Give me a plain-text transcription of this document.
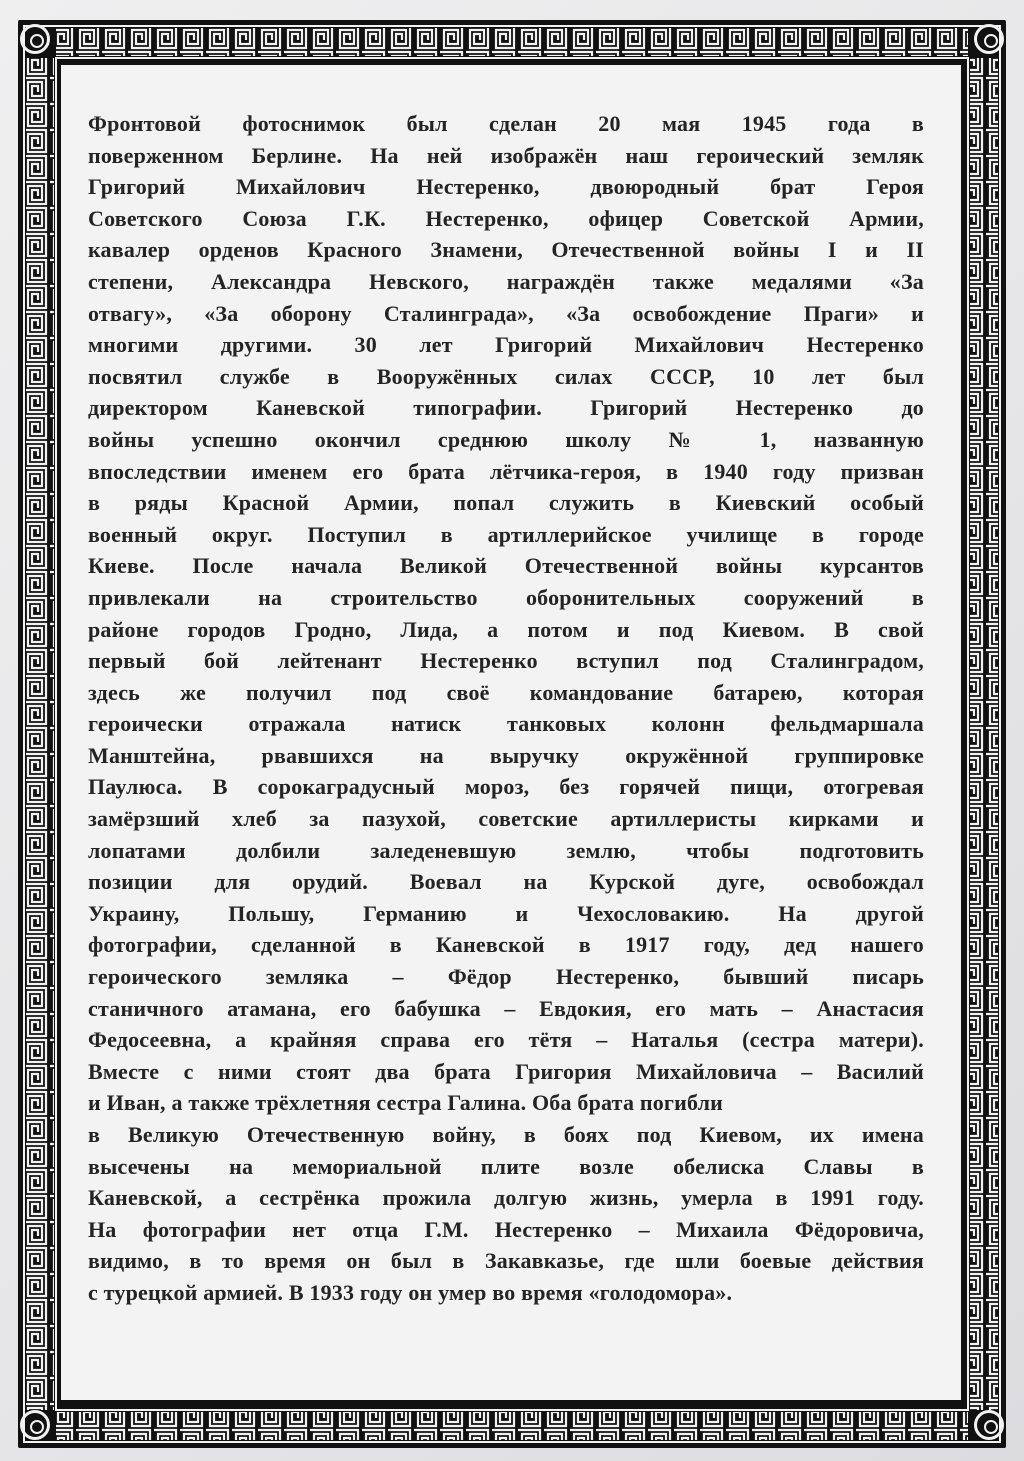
Фронтовой фотоснимок был сделан 20 мая 1945 года в
поверженном Берлине. На ней изображён наш героический земляк
Григорий Михайлович Нестеренко, двоюродный брат Героя
Советского Союза Г.К. Нестеренко, офицер Советской Армии,
кавалер орденов Красного Знамени, Отечественной войны I и II
степени, Александра Невского, награждён также медалями «За
отвагу», «За оборону Сталинграда», «За освобождение Праги» и
многими другими. 30 лет Григорий Михайлович Нестеренко
посвятил службе в Вооружённых силах СССР, 10 лет был
директором Каневской типографии. Григорий Нестеренко до
войны успешно окончил среднюю школу № 1, названную
впоследствии именем его брата лётчика-героя, в 1940 году призван
в ряды Красной Армии, попал служить в Киевский особый
военный округ. Поступил в артиллерийское училище в городе
Киеве. После начала Великой Отечественной войны курсантов
привлекали на строительство оборонительных сооружений в
районе городов Гродно, Лида, а потом и под Киевом. В свой
первый бой лейтенант Нестеренко вступил под Сталинградом,
здесь же получил под своё командование батарею, которая
героически отражала натиск танковых колонн фельдмаршала
Манштейна, рвавшихся на выручку окружённой группировке
Паулюса. В сорокаградусный мороз, без горячей пищи, отогревая
замёрзший хлеб за пазухой, советские артиллеристы кирками и
лопатами долбили заледеневшую землю, чтобы подготовить
позиции для орудий. Воевал на Курской дуге, освобождал
Украину, Польшу, Германию и Чехословакию. На другой
фотографии, сделанной в Каневской в 1917 году, дед нашего
героического земляка – Фёдор Нестеренко, бывший писарь
станичного атамана, его бабушка – Евдокия, его мать – Анастасия
Федосеевна, а крайняя справа его тётя – Наталья (сестра матери).
Вместе с ними стоят два брата Григория Михайловича – Василий
и Иван, а также трёхлетняя сестра Галина. Оба брата погибли
в Великую Отечественную войну, в боях под Киевом, их имена
высечены на мемориальной плите возле обелиска Славы в
Каневской, а сестрёнка прожила долгую жизнь, умерла в 1991 году.
На фотографии нет отца Г.М. Нестеренко – Михаила Фёдоровича,
видимо, в то время он был в Закавказье, где шли боевые действия
с турецкой армией. В 1933 году он умер во время «голодомора».
